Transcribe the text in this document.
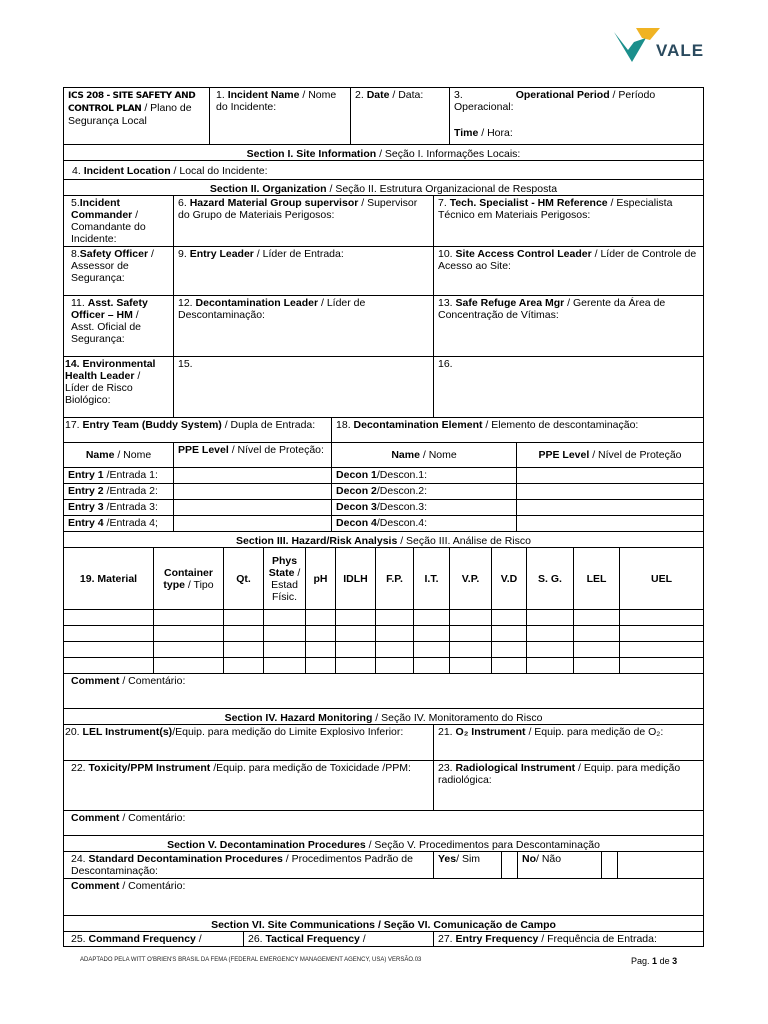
VALE
ICS 208 - SITE SAFETY AND CONTROL PLAN / Plano de Segurança Local	1. Incident Name / Nome do Incidente:	2. Date / Data:	3.	Operational Period / Período Operacional:
Time / Hora:
Section I. Site Information / Seção I. Informações Locais:
4. Incident Location / Local do Incidente:
Section II. Organization / Seção II. Estrutura Organizacional de Resposta
5.Incident Commander /
Comandante do Incidente:	6. Hazard Material Group supervisor / Supervisor do Grupo de Materiais Perigosos:	7. Tech. Specialist - HM Reference / Especialista Técnico em Materiais Perigosos:
8.Safety Officer /
Assessor de Segurança:	9. Entry Leader / Líder de Entrada:	10. Site Access Control Leader / Líder de Controle de Acesso ao Site:
11. Asst. Safety Officer – HM /
Asst. Oficial de Segurança:	12. Decontamination Leader / Líder de Descontaminação:	13. Safe Refuge Area Mgr / Gerente da Área de Concentração de Vítimas:
14. Environmental Health Leader /
Líder de Risco Biológico:	15.	16.
17. Entry Team (Buddy System) / Dupla de Entrada:		18. Decontamination Element / Elemento de descontaminação:	
Name / Nome	PPE Level / Nível de Proteção:	Name / Nome	PPE Level / Nível de Proteção
Entry 1 /Entrada 1:		Decon 1/Descon.1:	
Entry 2 /Entrada 2:		Decon 2/Descon.2:	
Entry 3 /Entrada 3:		Decon 3/Descon.3:	
Entry 4 /Entrada 4;		Decon 4/Descon.4:	
Section III. Hazard/Risk Analysis / Seção III. Análise de Risco												
19. Material	Container type / Tipo	Qt.	Phys State / Estad Físic.	pH	IDLH	F.P.	I.T.	V.P.	V.D	S. G.	LEL	UEL

Comment / Comentário:												
Section IV. Hazard Monitoring / Seção IV. Monitoramento do Risco	
20. LEL Instrument(s)/Equip. para medição do Limite Explosivo Inferior:	21. O₂ Instrument / Equip. para medição de O₂:
22. Toxicity/PPM Instrument /Equip. para medição de Toxicidade /PPM:	23. Radiological Instrument / Equip. para medição radiológica:
Comment / Comentário:	
Section V. Decontamination Procedures / Seção V. Procedimentos para Descontaminação
24. Standard Decontamination Procedures / Procedimentos Padrão de Descontaminação:	Yes/ Sim		No/ Não		
Comment / Comentário:
Section VI. Site Communications / Seção VI. Comunicação de Campo
25. Command Frequency /	26. Tactical Frequency /	27. Entry Frequency / Frequência de Entrada:
ADAPTADO PELA WITT O'BRIEN'S BRASIL DA FEMA (FEDERAL EMERGENCY MANAGEMENT AGENCY, USA) VERSÃO.03	Pag. 1 de 3
